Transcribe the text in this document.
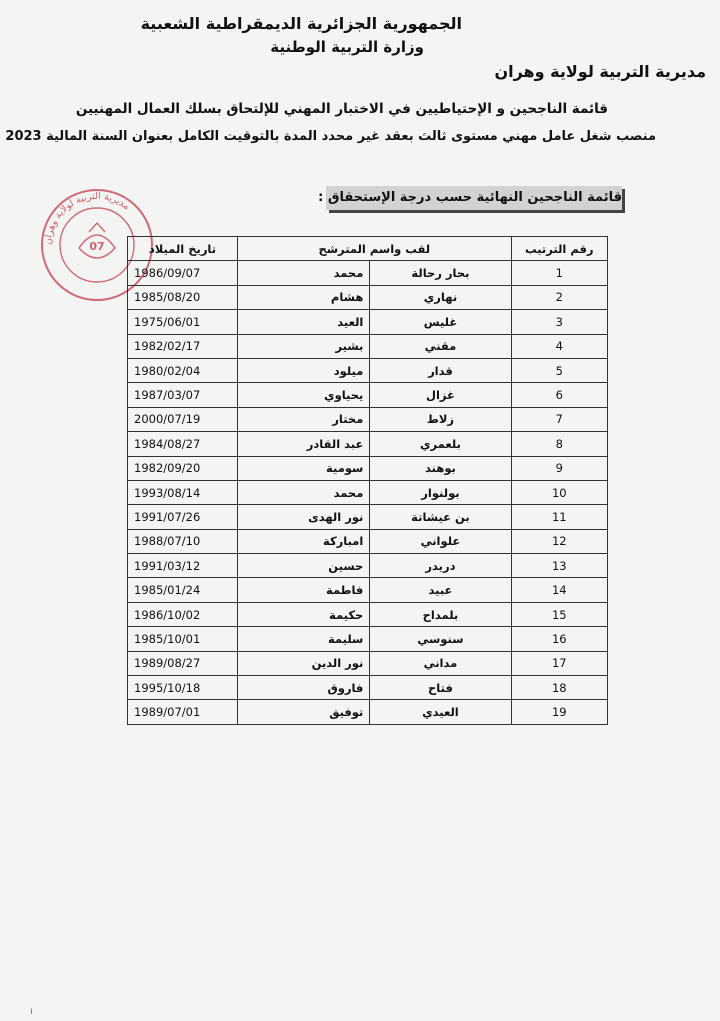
الجمهورية الجزائرية الديمقراطية الشعبية
وزارة التربية الوطنية
مديرية التربية لولاية وهران
قائمة الناجحين و الإحتياطيين في الاختبار المهني للإلتحاق بسلك العمال المهنيين
منصب شغل عامل مهني مستوى ثالث بعقد غير محدد المدة بالتوقيت الكامل بعنوان السنة المالية 2023
قائمة الناجحين النهائية حسب درجة الإستحقاق :
مديرية التربية لولاية وهران
07	رقم الترتيب	لقب واسم المترشح		تاريخ الميلاد
1	بحار رحالة	محمد	1986/09/07
2	نهاري	هشام	1985/08/20
3	غليس	العيد	1975/06/01
4	مقني	بشير	1982/02/17
5	قدار	ميلود	1980/02/04
6	غزال	يحياوي	1987/03/07
7	زلاط	مختار	2000/07/19
8	بلعمري	عبد القادر	1984/08/27
9	بوهند	سومية	1982/09/20
10	بولنوار	محمد	1993/08/14
11	بن عيشاتة	نور الهدى	1991/07/26
12	علواني	امباركة	1988/07/10
13	دريدر	حسين	1991/03/12
14	عبيد	فاطمة	1985/01/24
15	بلمداح	حكيمة	1986/10/02
16	سنوسي	سليمة	1985/10/01
17	مداني	نور الدين	1989/08/27
18	فتاح	فاروق	1995/10/18
19	العيدي	توفيق	1989/07/01
ı
